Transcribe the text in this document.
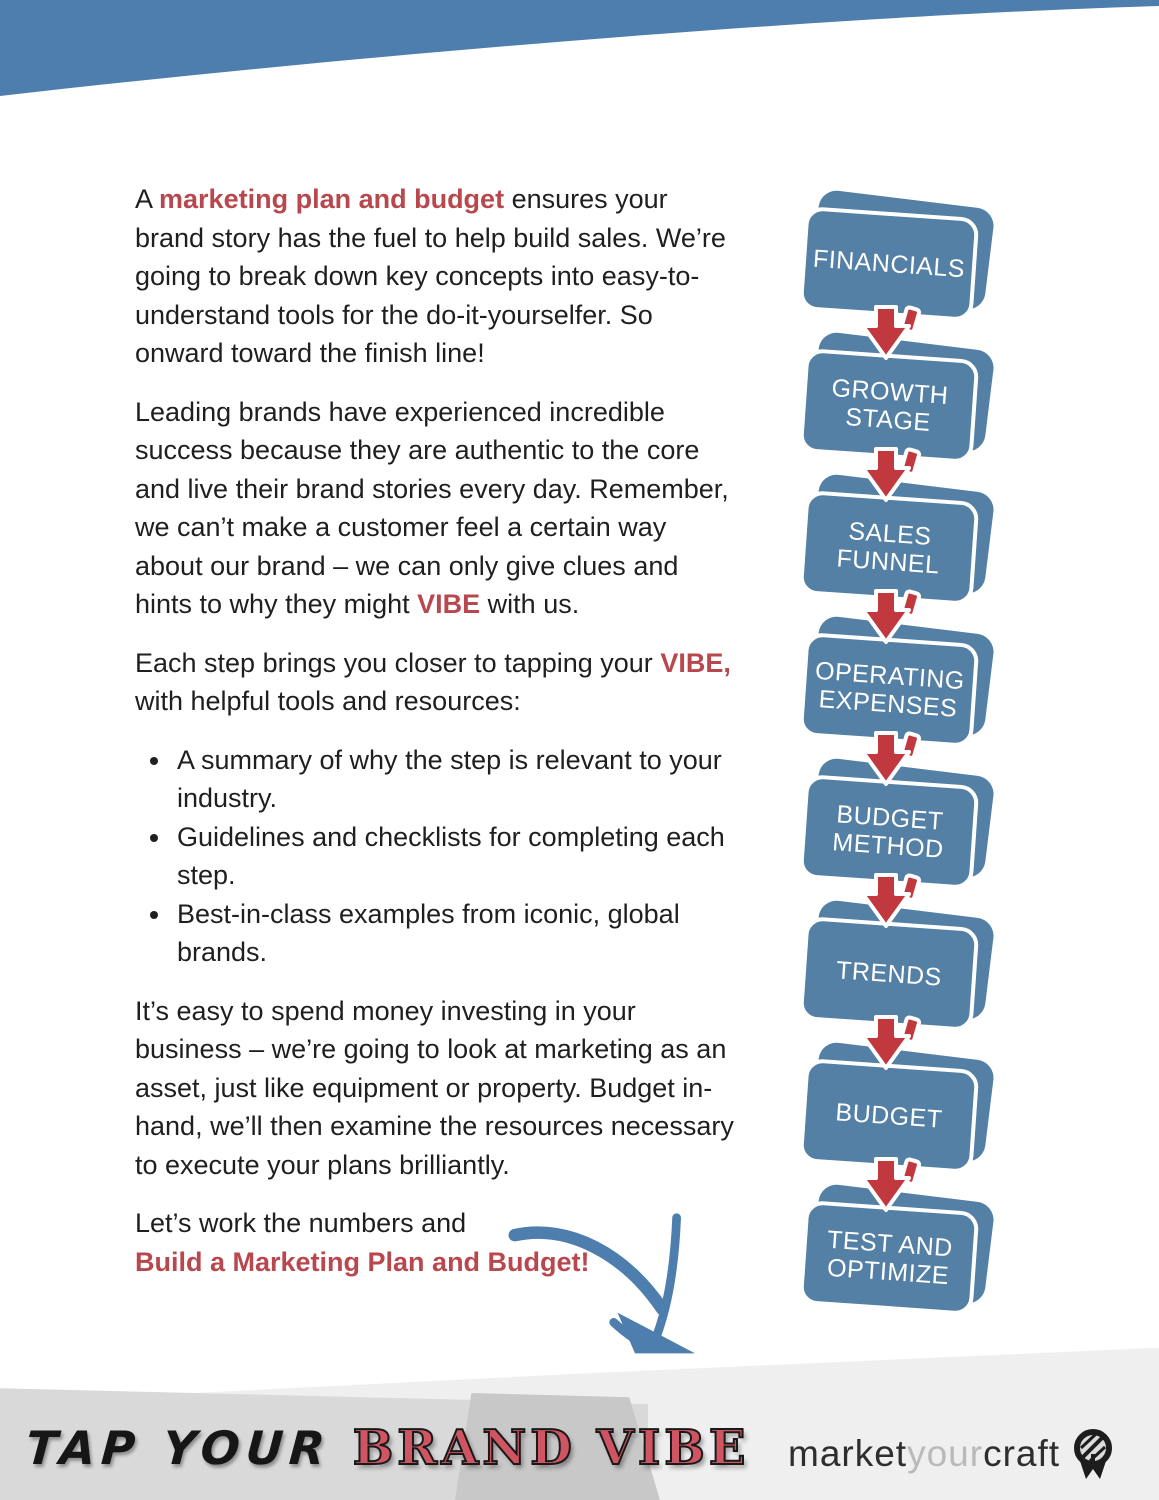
A marketing plan and budget ensures your brand story has the fuel to help build sales. We’re going to break down key concepts into easy-to-understand tools for the do-it-yourselfer. So onward toward the finish line!

Leading brands have experienced incredible success because they are authentic to the core and live their brand stories every day. Remember, we can’t make a customer feel a certain way about our brand – we can only give clues and hints to why they might VIBE with us.

Each step brings you closer to tapping your VIBE, with helpful tools and resources:

• A summary of why the step is relevant to your industry.
• Guidelines and checklists for completing each step.
• Best-in-class examples from iconic, global brands.

It’s easy to spend money investing in your business – we’re going to look at marketing as an asset, just like equipment or property. Budget in-hand, we’ll then examine the resources necessary to execute your plans brilliantly.

Let’s work the numbers and
Build a Marketing Plan and Budget!

FINANCIALS
GROWTH STAGE
SALES FUNNEL
OPERATING EXPENSES
BUDGET METHOD
TRENDS
BUDGET
TEST AND OPTIMIZE
TAP YOUR BRAND VIBE marketyourcraft
